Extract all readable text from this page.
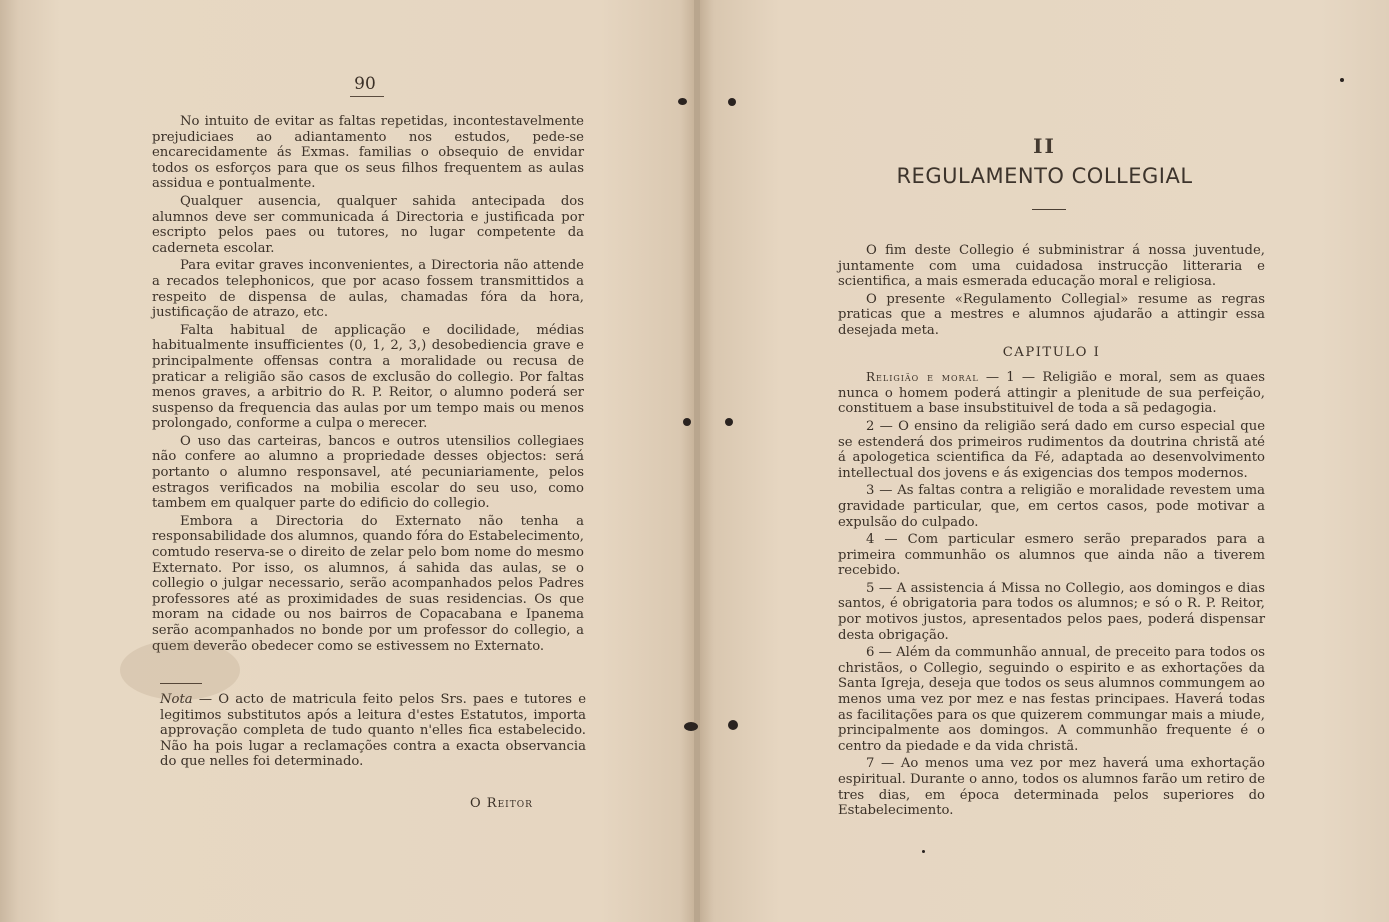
90

No intuito de evitar as faltas repetidas, incontestavelmente prejudiciaes ao adiantamento nos estudos, pede-se encarecidamente ás Exmas. familias o obsequio de envidar todos os esforços para que os seus filhos frequentem as aulas assidua e pontualmente.

Qualquer ausencia, qualquer sahida antecipada dos alumnos deve ser communicada á Directoria e justificada por escripto pelos paes ou tutores, no lugar competente da caderneta escolar.

Para evitar graves inconvenientes, a Directoria não attende a recados telephonicos, que por acaso fossem transmittidos a respeito de dispensa de aulas, chamadas fóra da hora, justificação de atrazo, etc.

Falta habitual de applicação e docilidade, médias habitualmente insufficientes (0, 1, 2, 3,) desobediencia grave e principalmente offensas contra a moralidade ou recusa de praticar a religião são casos de exclusão do collegio. Por faltas menos graves, a arbitrio do R. P. Reitor, o alumno poderá ser suspenso da frequencia das aulas por um tempo mais ou menos prolongado, conforme a culpa o merecer.

O uso das carteiras, bancos e outros utensilios collegiaes não confere ao alumno a propriedade desses objectos: será portanto o alumno responsavel, até pecuniariamente, pelos estragos verificados na mobilia escolar do seu uso, como tambem em qualquer parte do edificio do collegio.

Embora a Directoria do Externato não tenha a responsabilidade dos alumnos, quando fóra do Estabelecimento, comtudo reserva-se o direito de zelar pelo bom nome do mesmo Externato. Por isso, os alumnos, á sahida das aulas, se o collegio o julgar necessario, serão acompanhados pelos Padres professores até as proximidades de suas residencias. Os que moram na cidade ou nos bairros de Copacabana e Ipanema serão acompanhados no bonde por um professor do collegio, a quem deverão obedecer como se estivessem no Externato.

Nota — O acto de matricula feito pelos Srs. paes e tutores e legitimos substitutos após a leitura d'estes Estatutos, importa approvação completa de tudo quanto n'elles fica estabelecido. Não ha pois lugar a reclamações contra a exacta observancia do que nelles foi determinado.
O Reitor
II
REGULAMENTO COLLEGIAL

O fim deste Collegio é subministrar á nossa juventude, juntamente com uma cuidadosa instrucção litteraria e scientifica, a mais esmerada educação moral e religiosa.

O presente «Regulamento Collegial» resume as regras praticas que a mestres e alumnos ajudarão a attingir essa desejada meta.

CAPITULO I

Religião e moral — 1 — Religião e moral, sem as quaes nunca o homem poderá attingir a plenitude de sua perfeição, constituem a base insubstituivel de toda a sã pedagogia.

2 — O ensino da religião será dado em curso especial que se estenderá dos primeiros rudimentos da doutrina christã até á apologetica scientifica da Fé, adaptada ao desenvolvimento intellectual dos jovens e ás exigencias dos tempos modernos.

3 — As faltas contra a religião e moralidade revestem uma gravidade particular, que, em certos casos, pode motivar a expulsão do culpado.

4 — Com particular esmero serão preparados para a primeira communhão os alumnos que ainda não a tiverem recebido.

5 — A assistencia á Missa no Collegio, aos domingos e dias santos, é obrigatoria para todos os alumnos; e só o R. P. Reitor, por motivos justos, apresentados pelos paes, poderá dispensar desta obrigação.

6 — Além da communhão annual, de preceito para todos os christãos, o Collegio, seguindo o espirito e as exhortações da Santa Igreja, deseja que todos os seus alumnos commungem ao menos uma vez por mez e nas festas principaes. Haverá todas as facilitações para os que quizerem commungar mais a miude, principalmente aos domingos. A communhão frequente é o centro da piedade e da vida christã.

7 — Ao menos uma vez por mez haverá uma exhortação espiritual. Durante o anno, todos os alumnos farão um retiro de tres dias, em época determinada pelos superiores do Estabelecimento.
